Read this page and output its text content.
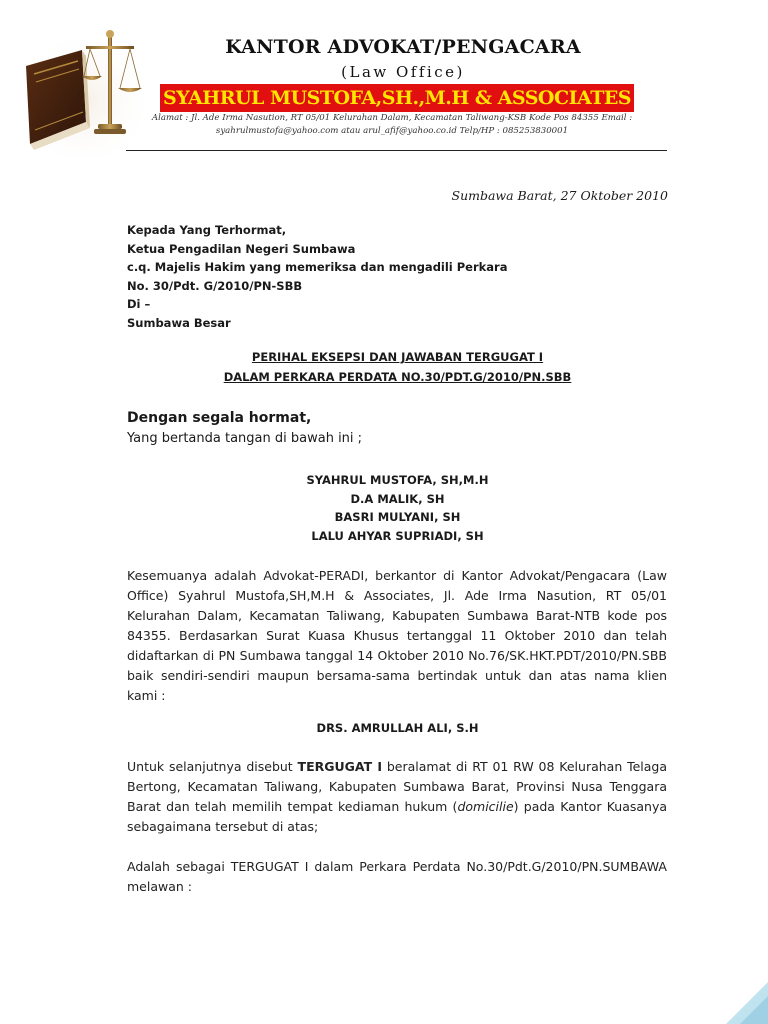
KANTOR ADVOKAT/PENGACARA
(Law Office)
SYAHRUL MUSTOFA,SH.,M.H & ASSOCIATES
Alamat : Jl. Ade Irma Nasution, RT 05/01 Kelurahan Dalam, Kecamatan Taliwang-KSB Kode Pos 84355 Email :
syahrulmustofa@yahoo.com atau arul_afif@yahoo.co.id Telp/HP : 085253830001
Sumbawa Barat, 27 Oktober 2010
Kepada Yang Terhormat,
Ketua Pengadilan Negeri Sumbawa
c.q. Majelis Hakim yang memeriksa dan mengadili Perkara
No. 30/Pdt. G/2010/PN-SBB
Di –
Sumbawa Besar
PERIHAL EKSEPSI DAN JAWABAN TERGUGAT I
DALAM PERKARA PERDATA NO.30/PDT.G/2010/PN.SBB
Dengan segala hormat,
Yang bertanda tangan di bawah ini ;
SYAHRUL MUSTOFA, SH,M.H
D.A MALIK, SH
BASRI MULYANI, SH
LALU AHYAR SUPRIADI, SH
Kesemuanya adalah Advokat-PERADI, berkantor di Kantor Advokat/Pengacara (Law Office) Syahrul Mustofa,SH,M.H & Associates, Jl. Ade Irma Nasution, RT 05/01 Kelurahan Dalam, Kecamatan Taliwang, Kabupaten Sumbawa Barat-NTB kode pos 84355. Berdasarkan Surat Kuasa Khusus tertanggal 11 Oktober 2010 dan telah didaftarkan di PN Sumbawa tanggal 14 Oktober 2010 No.76/SK.HKT.PDT/2010/PN.SBB baik sendiri-sendiri maupun bersama-sama bertindak untuk dan atas nama klien kami :
DRS. AMRULLAH ALI, S.H
Untuk selanjutnya disebut TERGUGAT I beralamat di RT 01 RW 08 Kelurahan Telaga Bertong, Kecamatan Taliwang, Kabupaten Sumbawa Barat, Provinsi Nusa Tenggara Barat dan telah memilih tempat kediaman hukum (domicilie) pada Kantor Kuasanya sebagaimana tersebut di atas;
Adalah sebagai TERGUGAT I dalam Perkara Perdata No.30/Pdt.G/2010/PN.SUMBAWA melawan :
